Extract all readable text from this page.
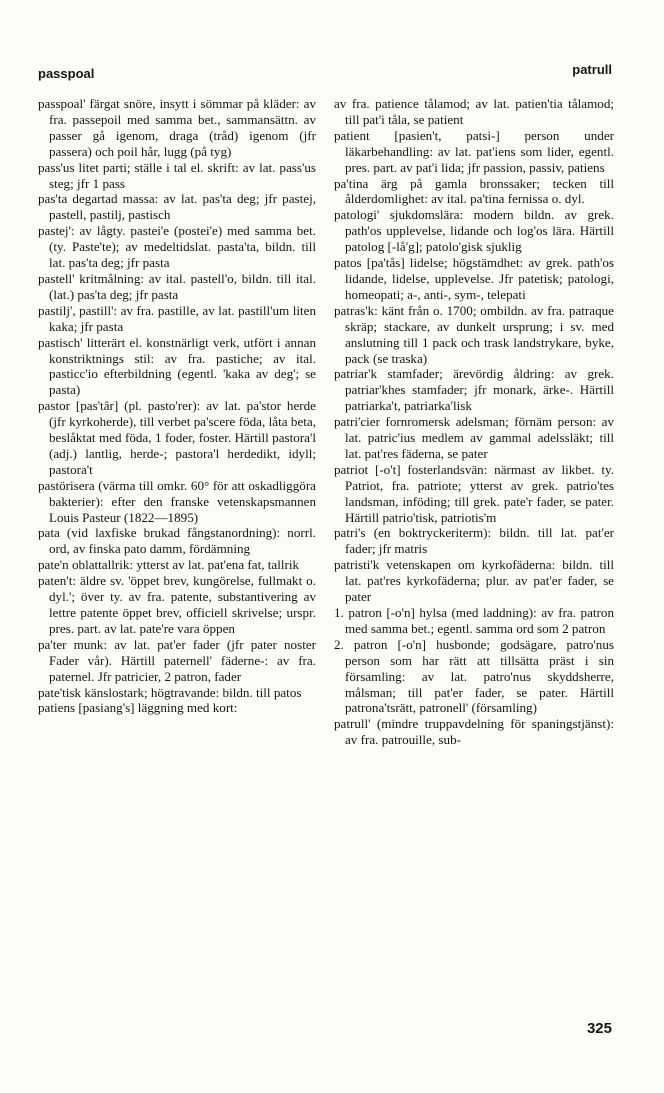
passpoal	patrull

passpoal' färgat snöre, insytt i sömmar på kläder: av fra. passepoil med samma bet., sammansättn. av passer gå igenom, draga (tråd) igenom (jfr passera) och poil hår, lugg (på tyg)

pass'us litet parti; ställe i tal el. skrift: av lat. pass'us steg; jfr 1 pass

pas'ta degartad massa: av lat. pas'ta deg; jfr pastej, pastell, pastilj, pastisch

pastej': av lågty. pastei'e (postei'e) med samma bet. (ty. Paste'te); av medeltidslat. pasta'ta, bildn. till lat. pas'ta deg; jfr pasta

pastell' kritmålning: av ital. pastell'o, bildn. till ital. (lat.) pas'ta deg; jfr pasta

pastilj', pastill': av fra. pastille, av lat. pastill'um liten kaka; jfr pasta

pastisch' litterärt el. konstnärligt verk, utfört i annan konstriktnings stil: av fra. pastiche; av ital. pasticc'io efterbildning (egentl. 'kaka av deg'; se pasta)

pastor [pas'târ] (pl. pasto'rer): av lat. pa'stor herde (jfr kyrkoherde), till verbet pa'scere föda, låta beta, beslåktat med föda, 1 foder, foster. Härtill pastora'l (adj.) lantlig, herde-; pastora'l herdedikt, idyll; pastora't

pastörisera (värma till omkr. 60° för att oskadliggöra bakterier): efter den franske vetenskapsmannen Louis Pasteur (1822—1895)

pata (vid laxfiske brukad fångstanordning): norrl. ord, av finska pato damm, fördämning

pate'n oblattallrik: ytterst av lat. pat'ena fat, tallrik

paten't: äldre sv. 'öppet brev, kungörelse, fullmakt o. dyl.'; över ty. av fra. patente, substantivering av lettre patente öppet brev, officiell skrivelse; urspr. pres. part. av lat. pate're vara öppen

pa'ter munk: av lat. pat'er fader (jfr pater noster Fader vår). Härtill paternell' fäderne-: av fra. paternel. Jfr patricier, 2 patron, fader

pate'tisk känslostark; högtravande: bildn. till patos

patiens [pasiang's] läggning med kort:

av fra. patience tålamod; av lat. patien'tia tålamod; till pat'i tåla, se patient

patient [pasien't, patsi-] person under läkarbehandling: av lat. pat'iens som lider, egentl. pres. part. av pat'i lida; jfr passion, passiv, patiens

pa'tina ärg på gamla bronssaker; tecken till ålderdomlighet: av ital. pa'tina fernissa o. dyl.

patologi' sjukdomslära: modern bildn. av grek. path'os upplevelse, lidande och log'os lära. Härtill patolog [-lå'g]; patolo'gisk sjuklig

patos [pa'tås] lidelse; högstämdhet: av grek. path'os lidande, lidelse, upplevelse. Jfr patetisk; patologi, homeopati; a-, anti-, sym-, telepati

patras'k: känt från o. 1700; ombildn. av fra. patraque skräp; stackare, av dunkelt ursprung; i sv. med anslutning till 1 pack och trask landstrykare, byke, pack (se traska)

patriar'k stamfader; ärevördig åldring: av grek. patriar'khes stamfader; jfr monark, ärke-. Härtill patriarka't, patriarka'lisk

patri'cier fornromersk adelsman; förnäm person: av lat. patric'ius medlem av gammal adelssläkt; till lat. pat'res fäderna, se pater

patriot [-o't] fosterlandsvän: närmast av likbet. ty. Patriot, fra. patriote; ytterst av grek. patrio'tes landsman, inföding; till grek. pate'r fader, se pater. Härtill patrio'tisk, patriotis'm

patri's (en boktryckeriterm): bildn. till lat. pat'er fader; jfr matris

patristi'k vetenskapen om kyrkofäderna: bildn. till lat. pat'res kyrkofäderna; plur. av pat'er fader, se pater

1. patron [-o'n] hylsa (med laddning): av fra. patron med samma bet.; egentl. samma ord som 2 patron

2. patron [-o'n] husbonde; godsägare, patro'nus person som har rätt att tillsätta präst i sin församling: av lat. patro'nus skyddsherre, målsman; till pat'er fader, se pater. Härtill patrona'tsrätt, patronell' (församling)

patrull' (mindre truppavdelning för spaningstjänst): av fra. patrouille, sub-

325
